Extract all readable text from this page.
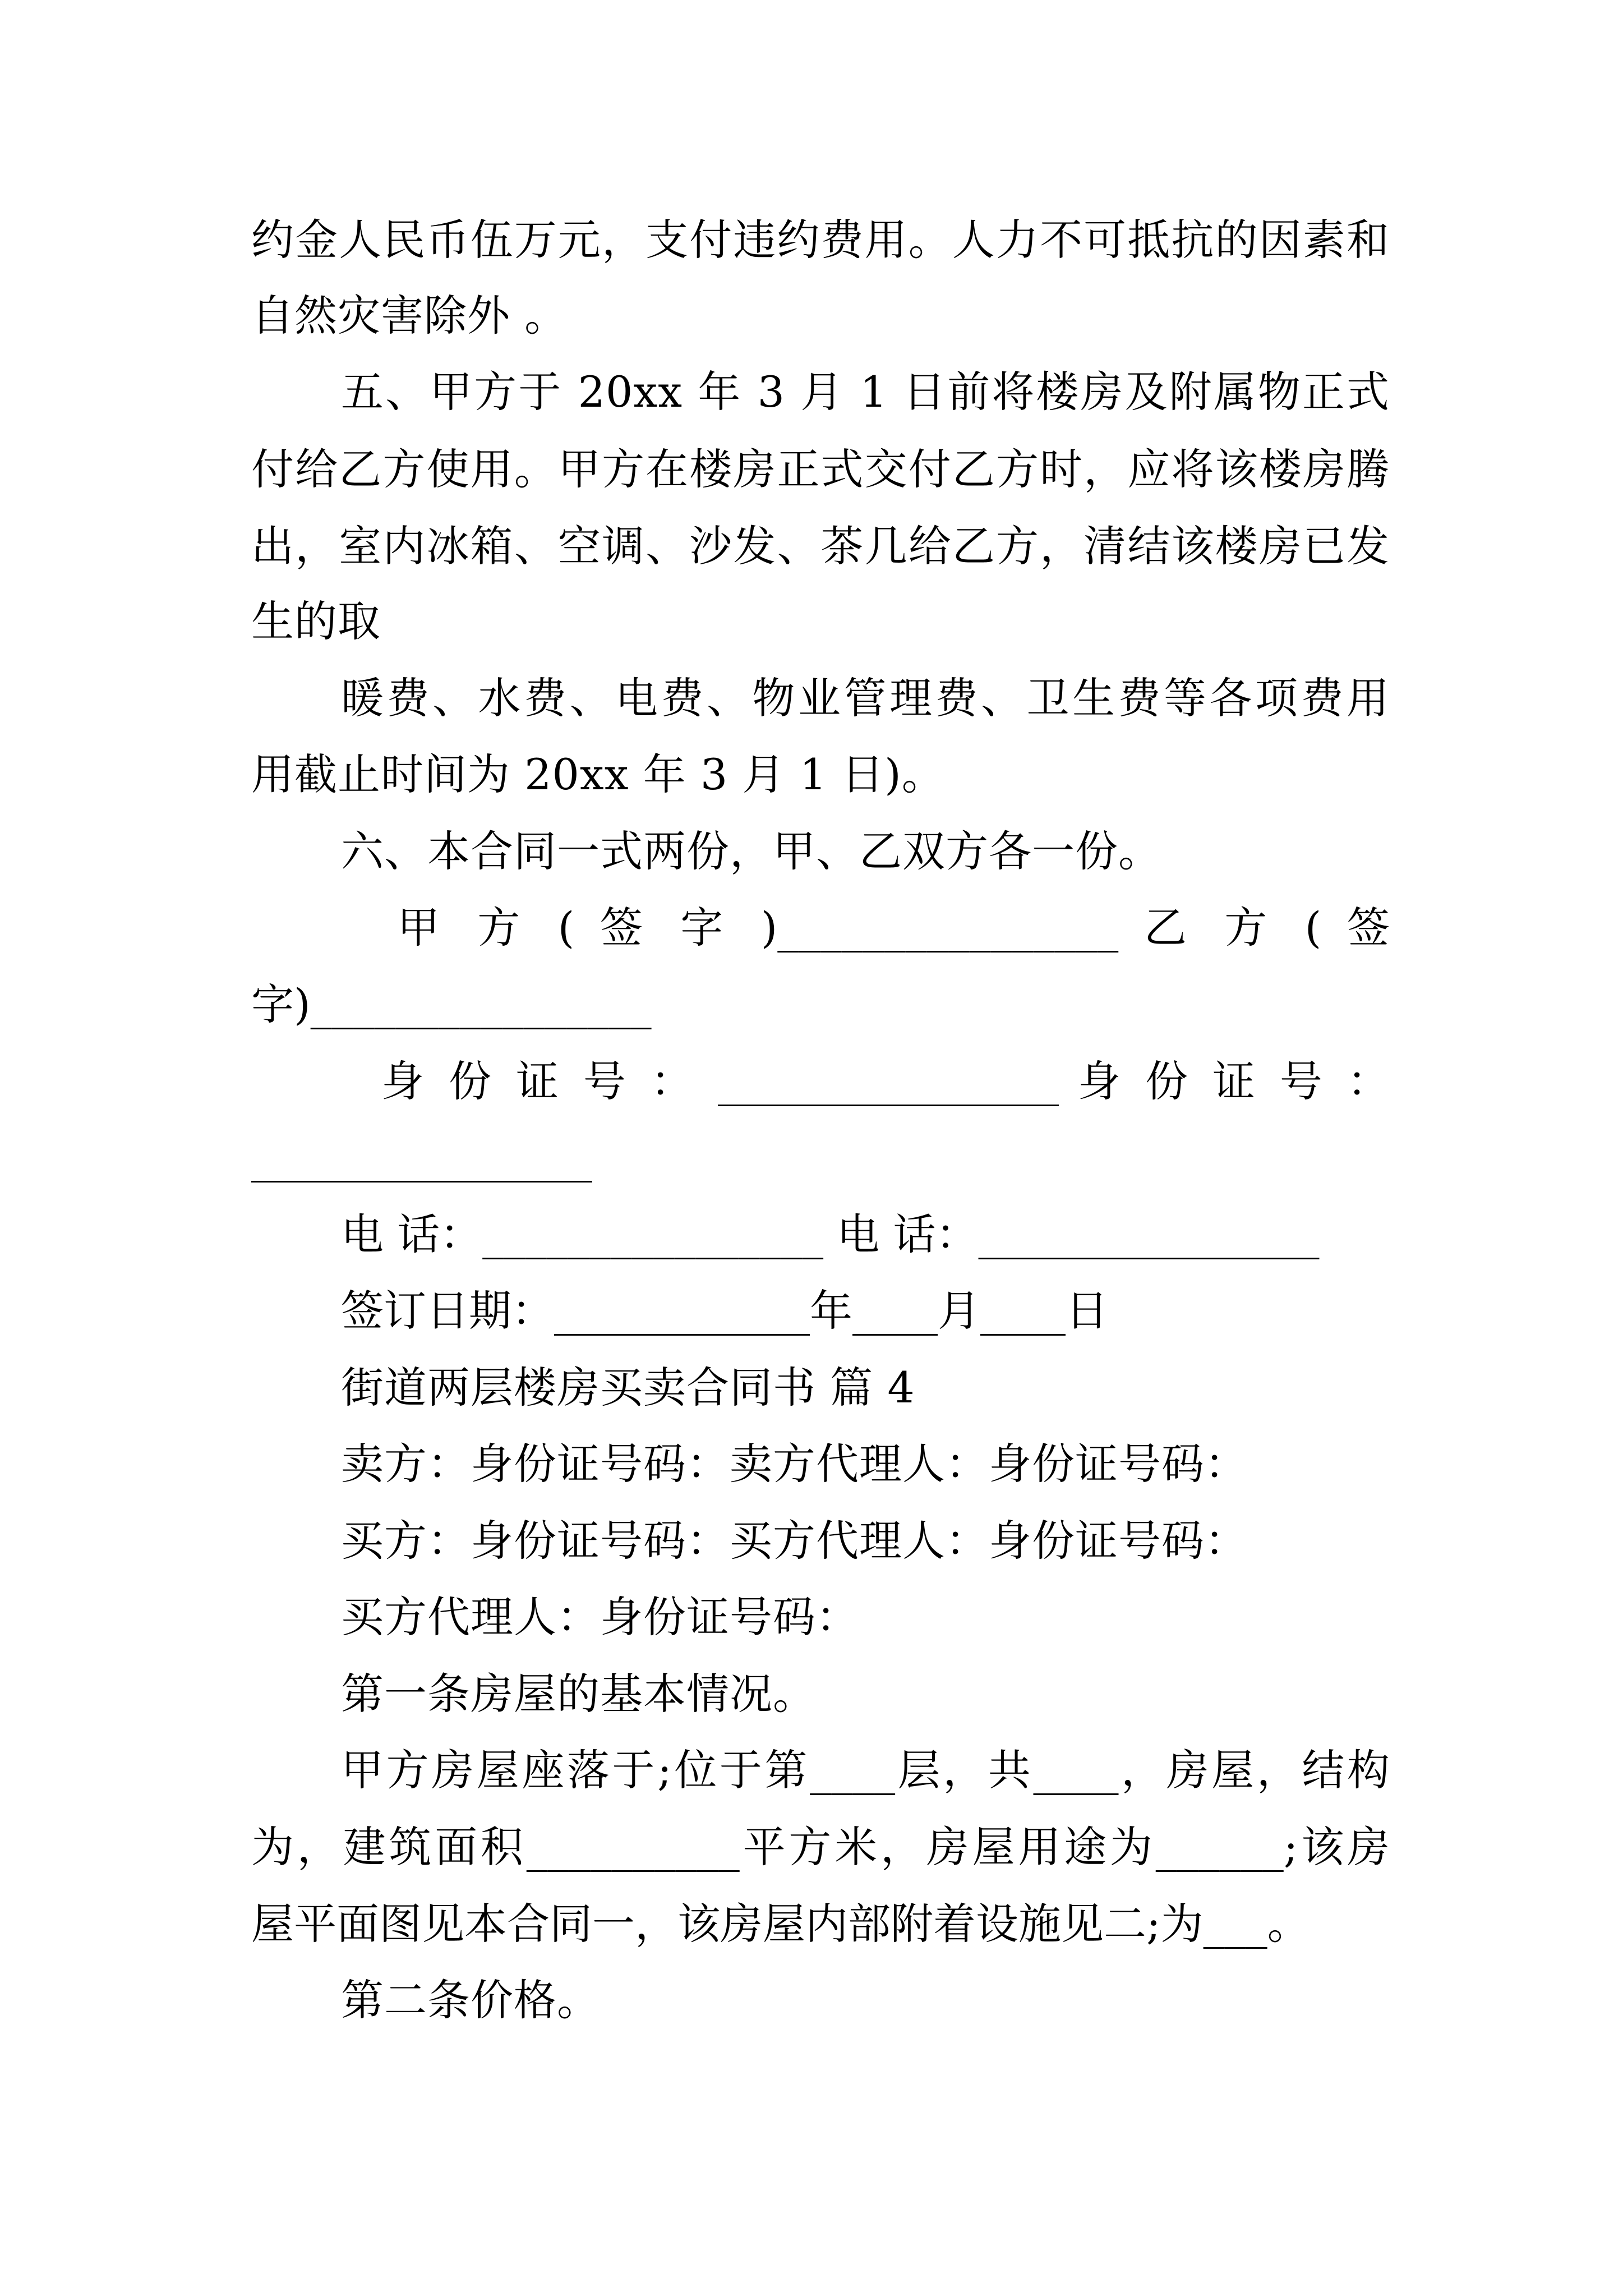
约金人民币伍万元，支付违约费用。人力不可抵抗的因素和
自然灾害除外 。
五、甲方于 20xx 年 3 月 1 日前将楼房及附属物正式
付给乙方使用。甲方在楼房正式交付乙方时，应将该楼房腾
出，室内冰箱、空调、沙发、茶几给乙方，清结该楼房已发
生的取
暖费、水费、电费、物业管理费、卫生费等各项费用
用截止时间为 20xx 年 3 月 1 日)。
六、本合同一式两份，甲、乙双方各一份。
甲 方 ( 签 字 )________________ 乙 方 ( 签
字)________________
身 份 证 号 ： ________________ 身 份 证 号 ：
________________
电 话：________________ 电 话：________________
签订日期：____________年____月____日
街道两层楼房买卖合同书 篇 4
卖方：身份证号码：卖方代理人：身份证号码：
买方：身份证号码：买方代理人：身份证号码：
买方代理人：身份证号码：
第一条房屋的基本情况。
甲方房屋座落于;位于第____层，共____，房屋，结构
为，建筑面积__________平方米，房屋用途为______;该房
屋平面图见本合同一，该房屋内部附着设施见二;为___。
第二条价格。
